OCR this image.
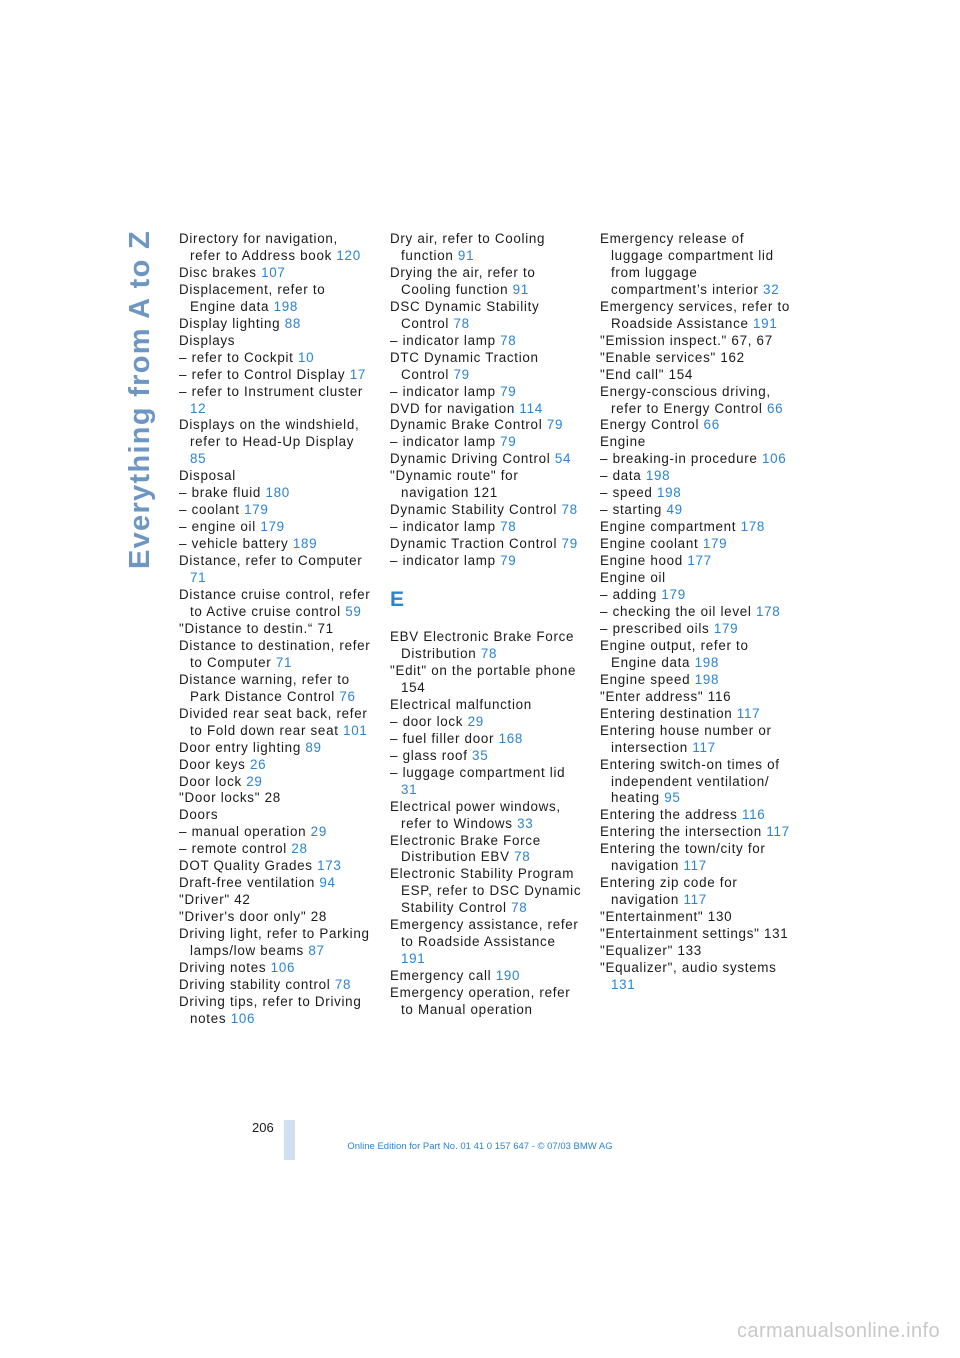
Everything from A to Z	Directory for navigation, refer to Address book 120
Disc brakes 107
Displacement, refer to Engine data 198
Display lighting 88
Displays
– refer to Cockpit 10
– refer to Control Display 17
– refer to Instrument cluster 12
Displays on the windshield, refer to Head-Up Display 85
Disposal
– brake fluid 180
– coolant 179
– engine oil 179
– vehicle battery 189
Distance, refer to Computer 71
Distance cruise control, refer to Active cruise control 59
"Distance to destin.“ 71
Distance to destination, refer to Computer 71
Distance warning, refer to Park Distance Control 76
Divided rear seat back, refer to Fold down rear seat 101
Door entry lighting 89
Door keys 26
Door lock 29
"Door locks" 28
Doors
– manual operation 29
– remote control 28
DOT Quality Grades 173
Draft-free ventilation 94
"Driver" 42
"Driver's door only" 28
Driving light, refer to Parking lamps/low beams 87
Driving notes 106
Driving stability control 78
Driving tips, refer to Driving notes 106
Dry air, refer to Cooling function 91
Drying the air, refer to Cooling function 91
DSC Dynamic Stability Control 78
– indicator lamp 78
DTC Dynamic Traction Control 79
– indicator lamp 79
DVD for navigation 114
Dynamic Brake Control 79
– indicator lamp 79
Dynamic Driving Control 54
"Dynamic route" for navigation 121
Dynamic Stability Control 78
– indicator lamp 78
Dynamic Traction Control 79
– indicator lamp 79
E
EBV Electronic Brake Force Distribution 78
"Edit" on the portable phone 154
Electrical malfunction
– door lock 29
– fuel filler door 168
– glass roof 35
– luggage compartment lid 31
Electrical power windows, refer to Windows 33
Electronic Brake Force Distribution EBV 78
Electronic Stability Program ESP, refer to DSC Dynamic Stability Control 78
Emergency assistance, refer to Roadside Assistance 191
Emergency call 190
Emergency operation, refer to Manual operation
Emergency release of luggage compartment lid from luggage compartment’s interior 32
Emergency services, refer to Roadside Assistance 191
"Emission inspect." 67, 67
"Enable services" 162
"End call" 154
Energy-conscious driving, refer to Energy Control 66
Energy Control 66
Engine
– breaking-in procedure 106
– data 198
– speed 198
– starting 49
Engine compartment 178
Engine coolant 179
Engine hood 177
Engine oil
– adding 179
– checking the oil level 178
– prescribed oils 179
Engine output, refer to Engine data 198
Engine speed 198
"Enter address" 116
Entering destination 117
Entering house number or intersection 117
Entering switch-on times of independent ventilation/ heating 95
Entering the address 116
Entering the intersection 117
Entering the town/city for navigation 117
Entering zip code for navigation 117
"Entertainment" 130
"Entertainment settings" 131
"Equalizer" 133
"Equalizer", audio systems 131
206
Online Edition for Part No. 01 41 0 157 647 - © 07/03 BMW AG
carmanualsonline.info
